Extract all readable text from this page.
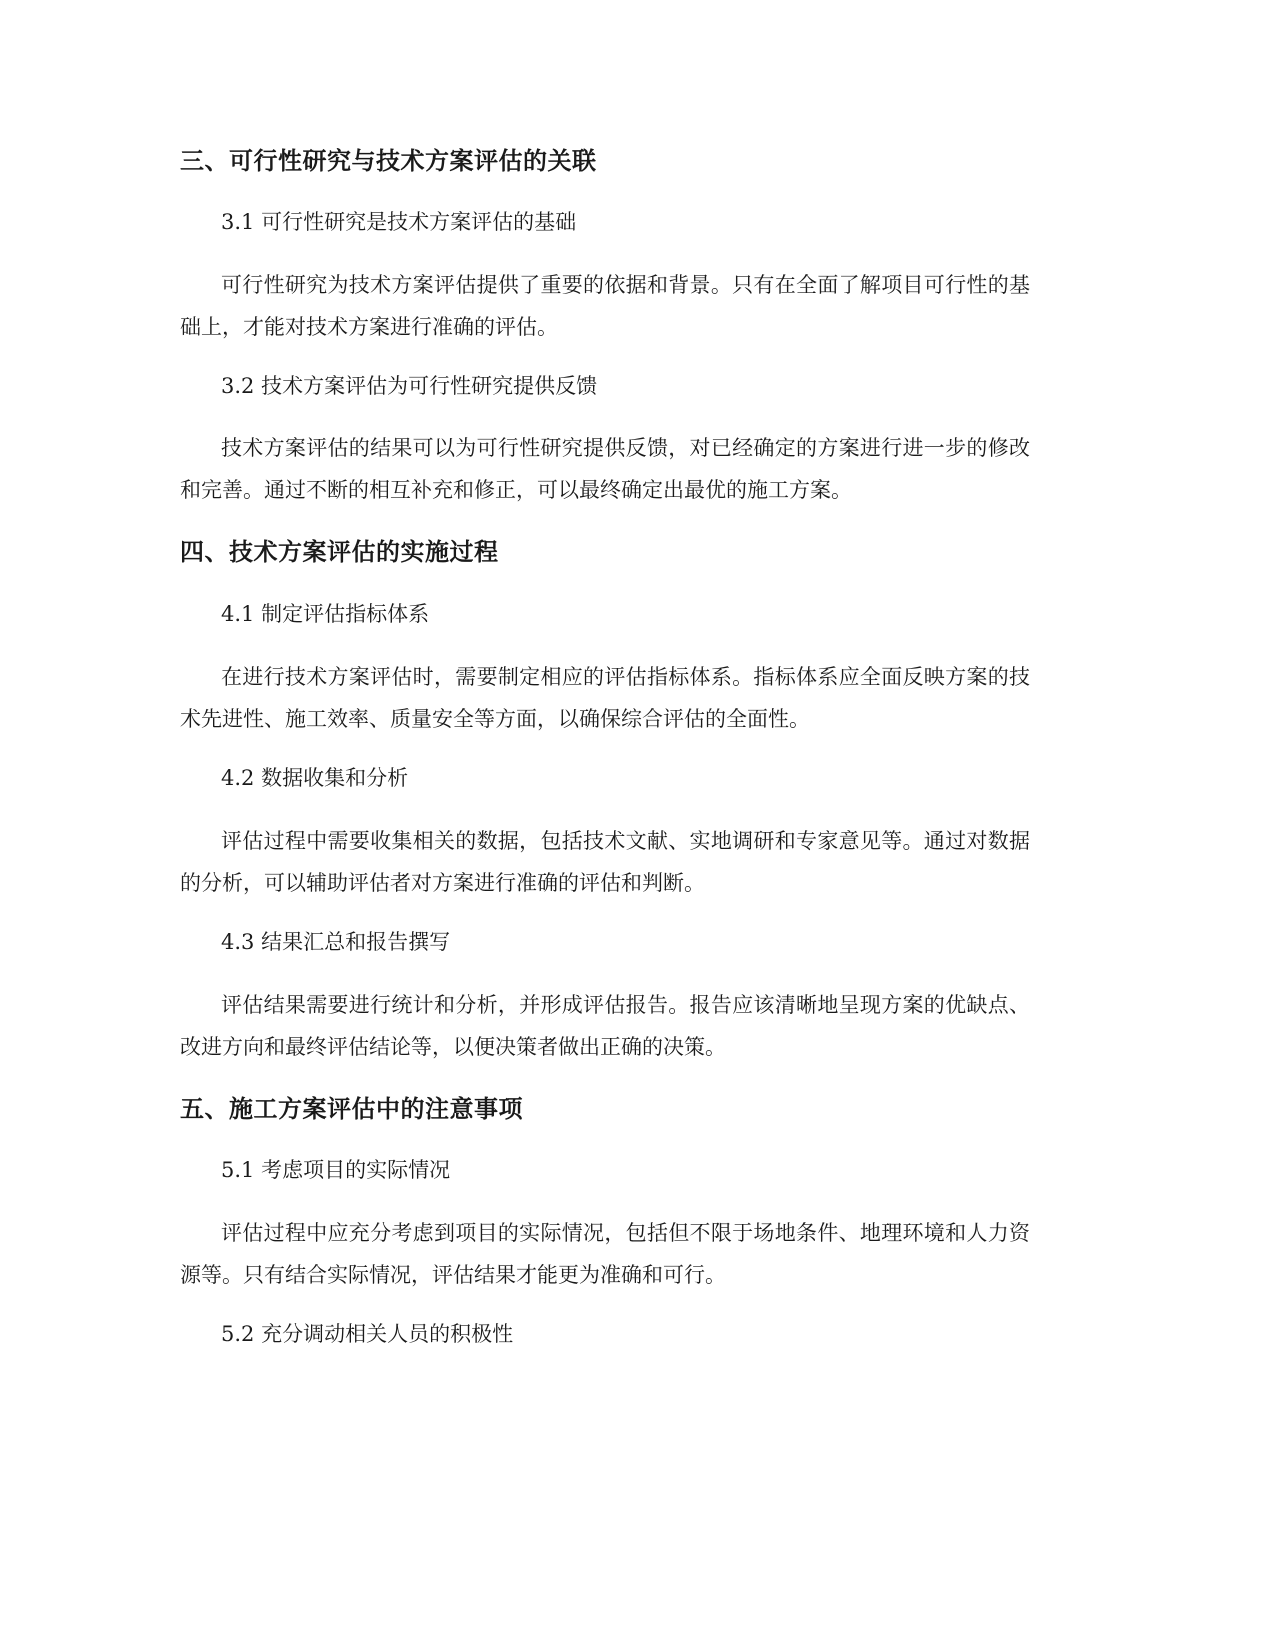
三、可行性研究与技术方案评估的关联

3.1 可行性研究是技术方案评估的基础

可行性研究为技术方案评估提供了重要的依据和背景。只有在全面了解项目可行性的基础上，才能对技术方案进行准确的评估。

3.2 技术方案评估为可行性研究提供反馈

技术方案评估的结果可以为可行性研究提供反馈，对已经确定的方案进行进一步的修改和完善。通过不断的相互补充和修正，可以最终确定出最优的施工方案。

四、技术方案评估的实施过程

4.1 制定评估指标体系

在进行技术方案评估时，需要制定相应的评估指标体系。指标体系应全面反映方案的技术先进性、施工效率、质量安全等方面，以确保综合评估的全面性。

4.2 数据收集和分析

评估过程中需要收集相关的数据，包括技术文献、实地调研和专家意见等。通过对数据的分析，可以辅助评估者对方案进行准确的评估和判断。

4.3 结果汇总和报告撰写

评估结果需要进行统计和分析，并形成评估报告。报告应该清晰地呈现方案的优缺点、改进方向和最终评估结论等，以便决策者做出正确的决策。

五、施工方案评估中的注意事项

5.1 考虑项目的实际情况

评估过程中应充分考虑到项目的实际情况，包括但不限于场地条件、地理环境和人力资源等。只有结合实际情况，评估结果才能更为准确和可行。

5.2 充分调动相关人员的积极性
